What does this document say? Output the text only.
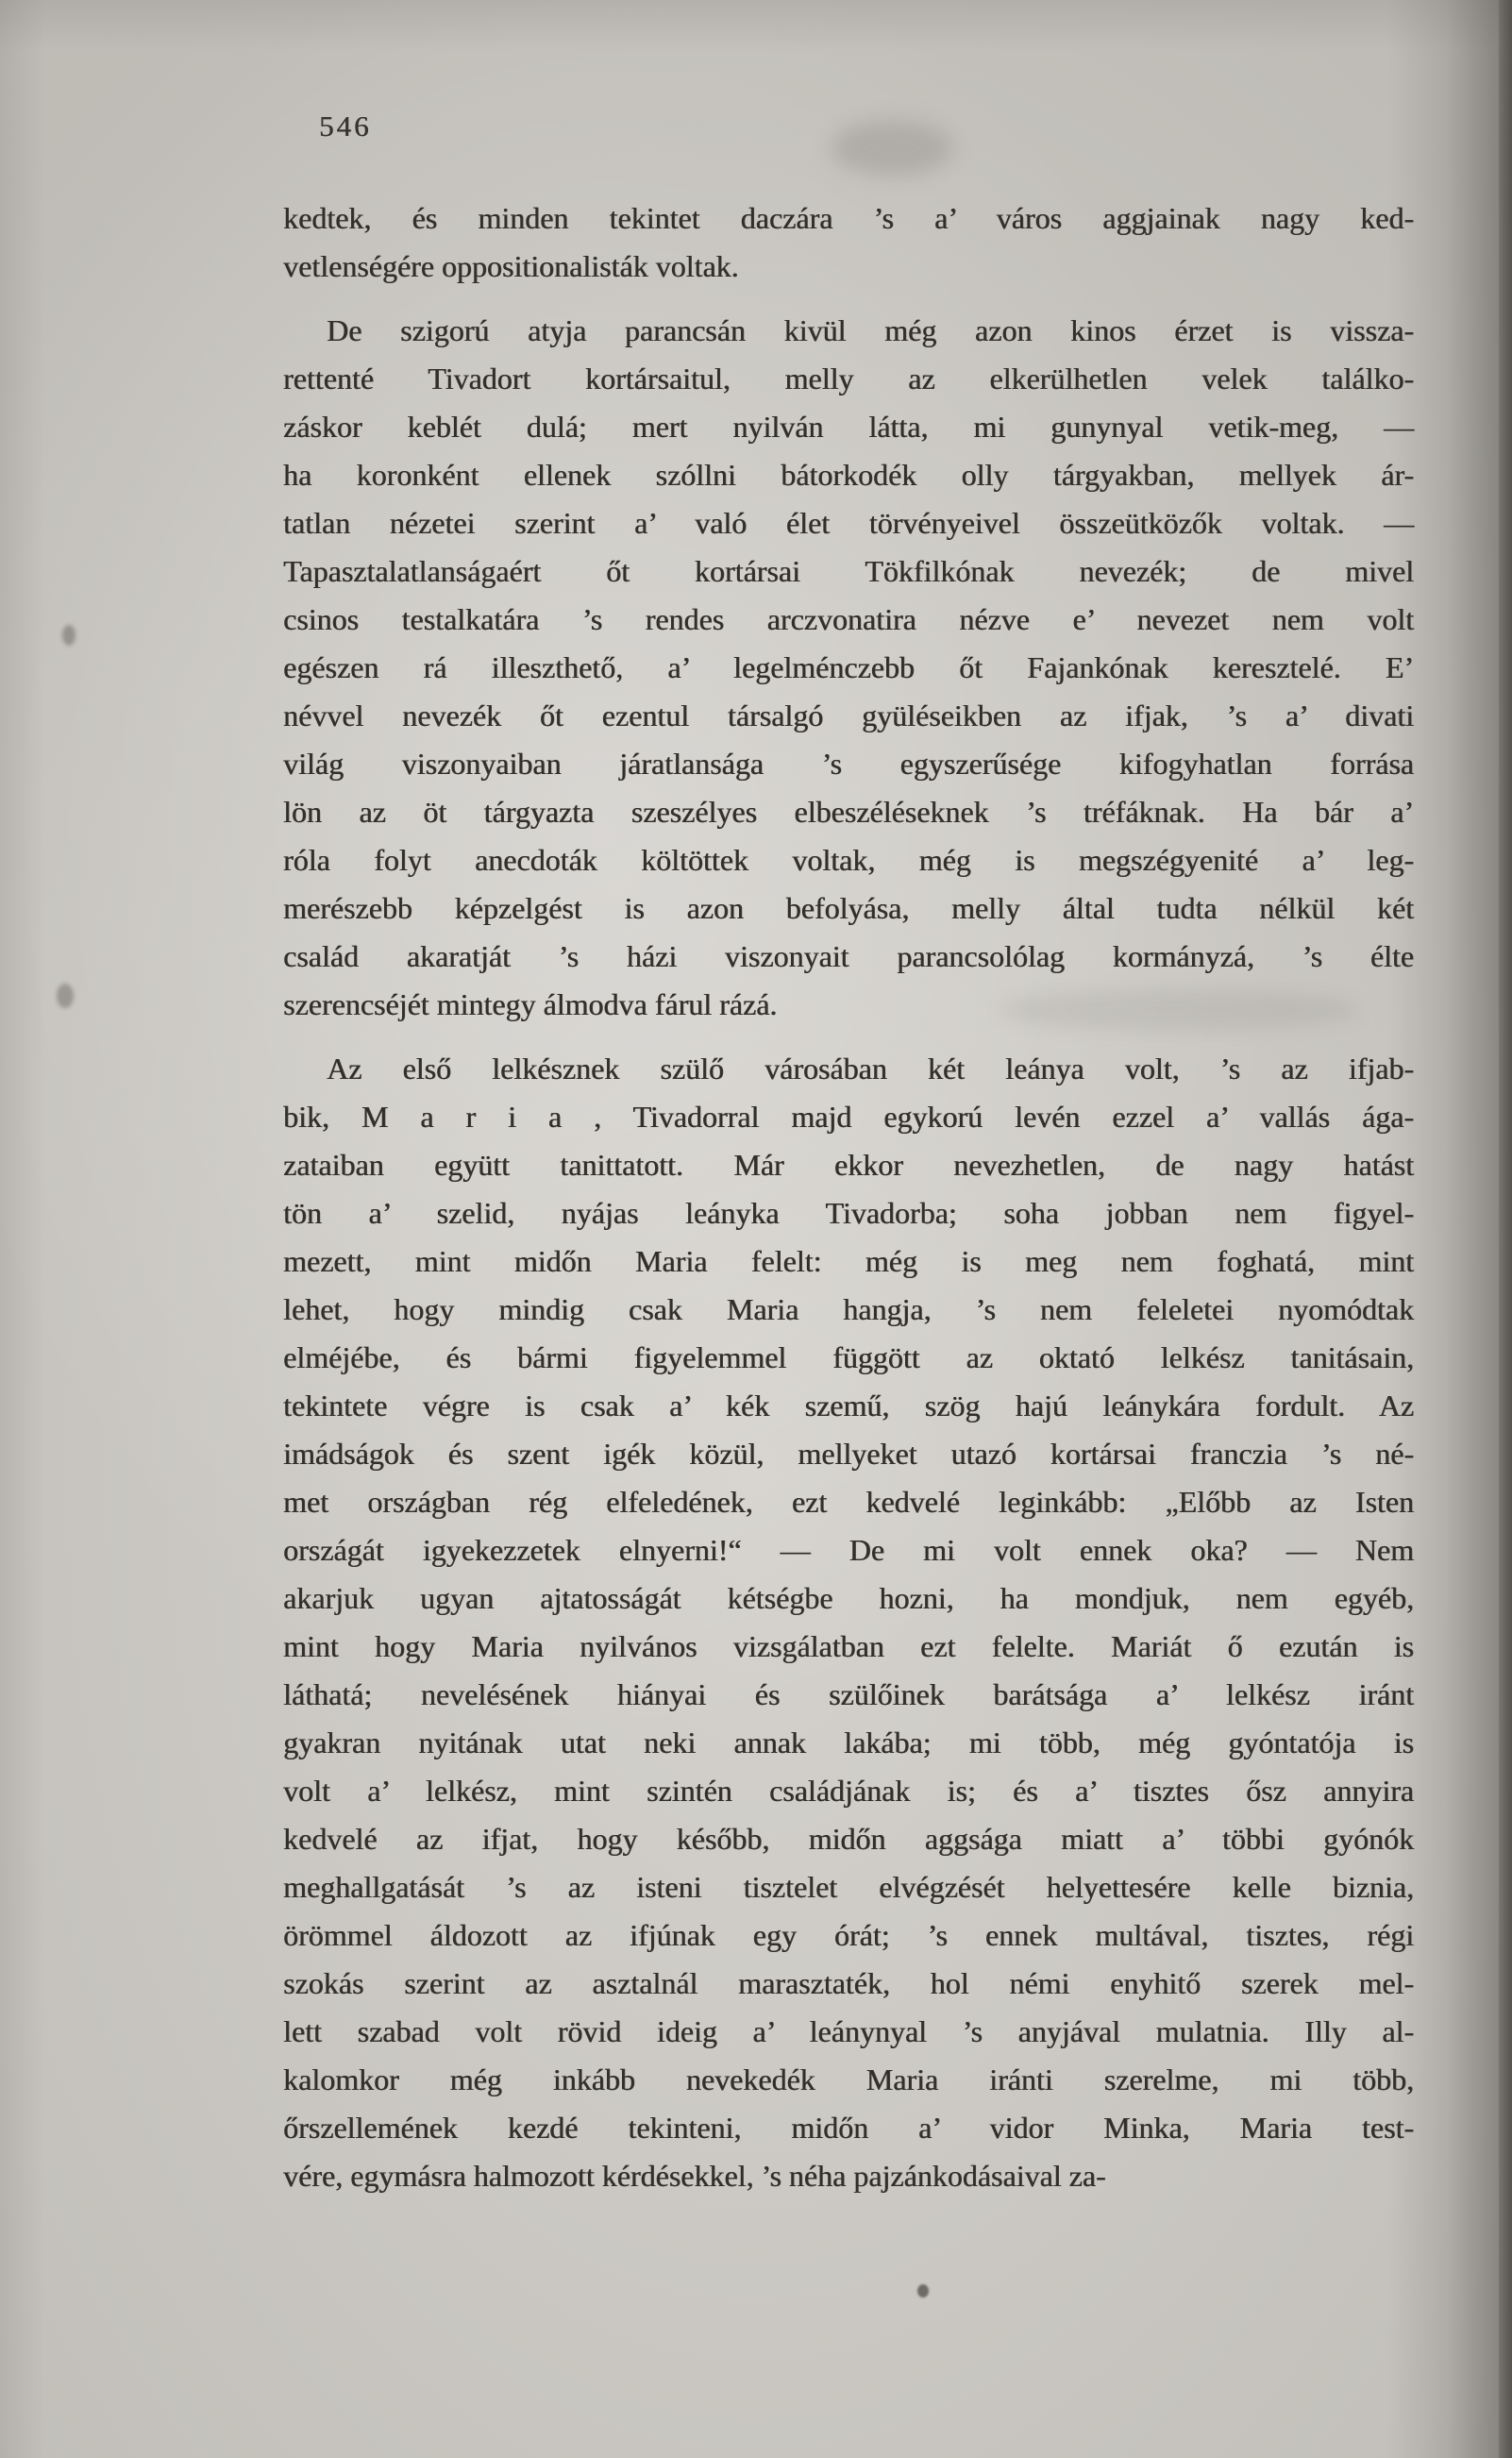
546
kedtek, és minden tekintet daczára ’s a’ város aggjainak nagy ked-
vetlenségére oppositionalisták voltak.
De szigorú atyja parancsán kivül még azon kinos érzet is vissza-
rettenté Tivadort kortársaitul, melly az elkerülhetlen velek találko-
záskor keblét dulá; mert nyilván látta, mi gunynyal vetik-meg, —
ha koronként ellenek szóllni bátorkodék olly tárgyakban, mellyek ár-
tatlan nézetei szerint a’ való élet törvényeivel összeütközők voltak. —
Tapasztalatlanságaért őt kortársai Tökfilkónak nevezék; de mivel
csinos testalkatára ’s rendes arczvonatira nézve e’ nevezet nem volt
egészen rá illeszthető, a’ legelménczebb őt Fajankónak keresztelé. E’
névvel nevezék őt ezentul társalgó gyüléseikben az ifjak, ’s a’ divati
világ viszonyaiban járatlansága ’s egyszerűsége kifogyhatlan forrása
lön az öt tárgyazta szeszélyes elbeszéléseknek ’s tréfáknak. Ha bár a’
róla folyt anecdoták költöttek voltak, még is megszégyenité a’ leg-
merészebb képzelgést is azon befolyása, melly által tudta nélkül két
család akaratját ’s házi viszonyait parancsolólag kormányzá, ’s élte
szerencséjét mintegy álmodva fárul rázá.
Az első lelkésznek szülő városában két leánya volt, ’s az ifjab-
bik, M a r i a , Tivadorral majd egykorú levén ezzel a’ vallás ága-
zataiban együtt tanittatott. Már ekkor nevezhetlen, de nagy hatást
tön a’ szelid, nyájas leányka Tivadorba; soha jobban nem figyel-
mezett, mint midőn Maria felelt: még is meg nem foghatá, mint
lehet, hogy mindig csak Maria hangja, ’s nem feleletei nyomódtak
elméjébe, és bármi figyelemmel függött az oktató lelkész tanitásain,
tekintete végre is csak a’ kék szemű, szög hajú leánykára fordult. Az
imádságok és szent igék közül, mellyeket utazó kortársai franczia ’s né-
met országban rég elfeledének, ezt kedvelé leginkább: „Előbb az Isten
országát igyekezzetek elnyerni!“ — De mi volt ennek oka? — Nem
akarjuk ugyan ajtatosságát kétségbe hozni, ha mondjuk, nem egyéb,
mint hogy Maria nyilvános vizsgálatban ezt felelte. Mariát ő ezután is
láthatá; nevelésének hiányai és szülőinek barátsága a’ lelkész iránt
gyakran nyitának utat neki annak lakába; mi több, még gyóntatója is
volt a’ lelkész, mint szintén családjának is; és a’ tisztes ősz annyira
kedvelé az ifjat, hogy később, midőn aggsága miatt a’ többi gyónók
meghallgatását ’s az isteni tisztelet elvégzését helyettesére kelle biznia,
örömmel áldozott az ifjúnak egy órát; ’s ennek multával, tisztes, régi
szokás szerint az asztalnál marasztaték, hol némi enyhitő szerek mel-
lett szabad volt rövid ideig a’ leánynyal ’s anyjával mulatnia. Illy al-
kalomkor még inkább nevekedék Maria iránti szerelme, mi több,
őrszellemének kezdé tekinteni, midőn a’ vidor Minka, Maria test-
vére, egymásra halmozott kérdésekkel, ’s néha pajzánkodásaival za-
